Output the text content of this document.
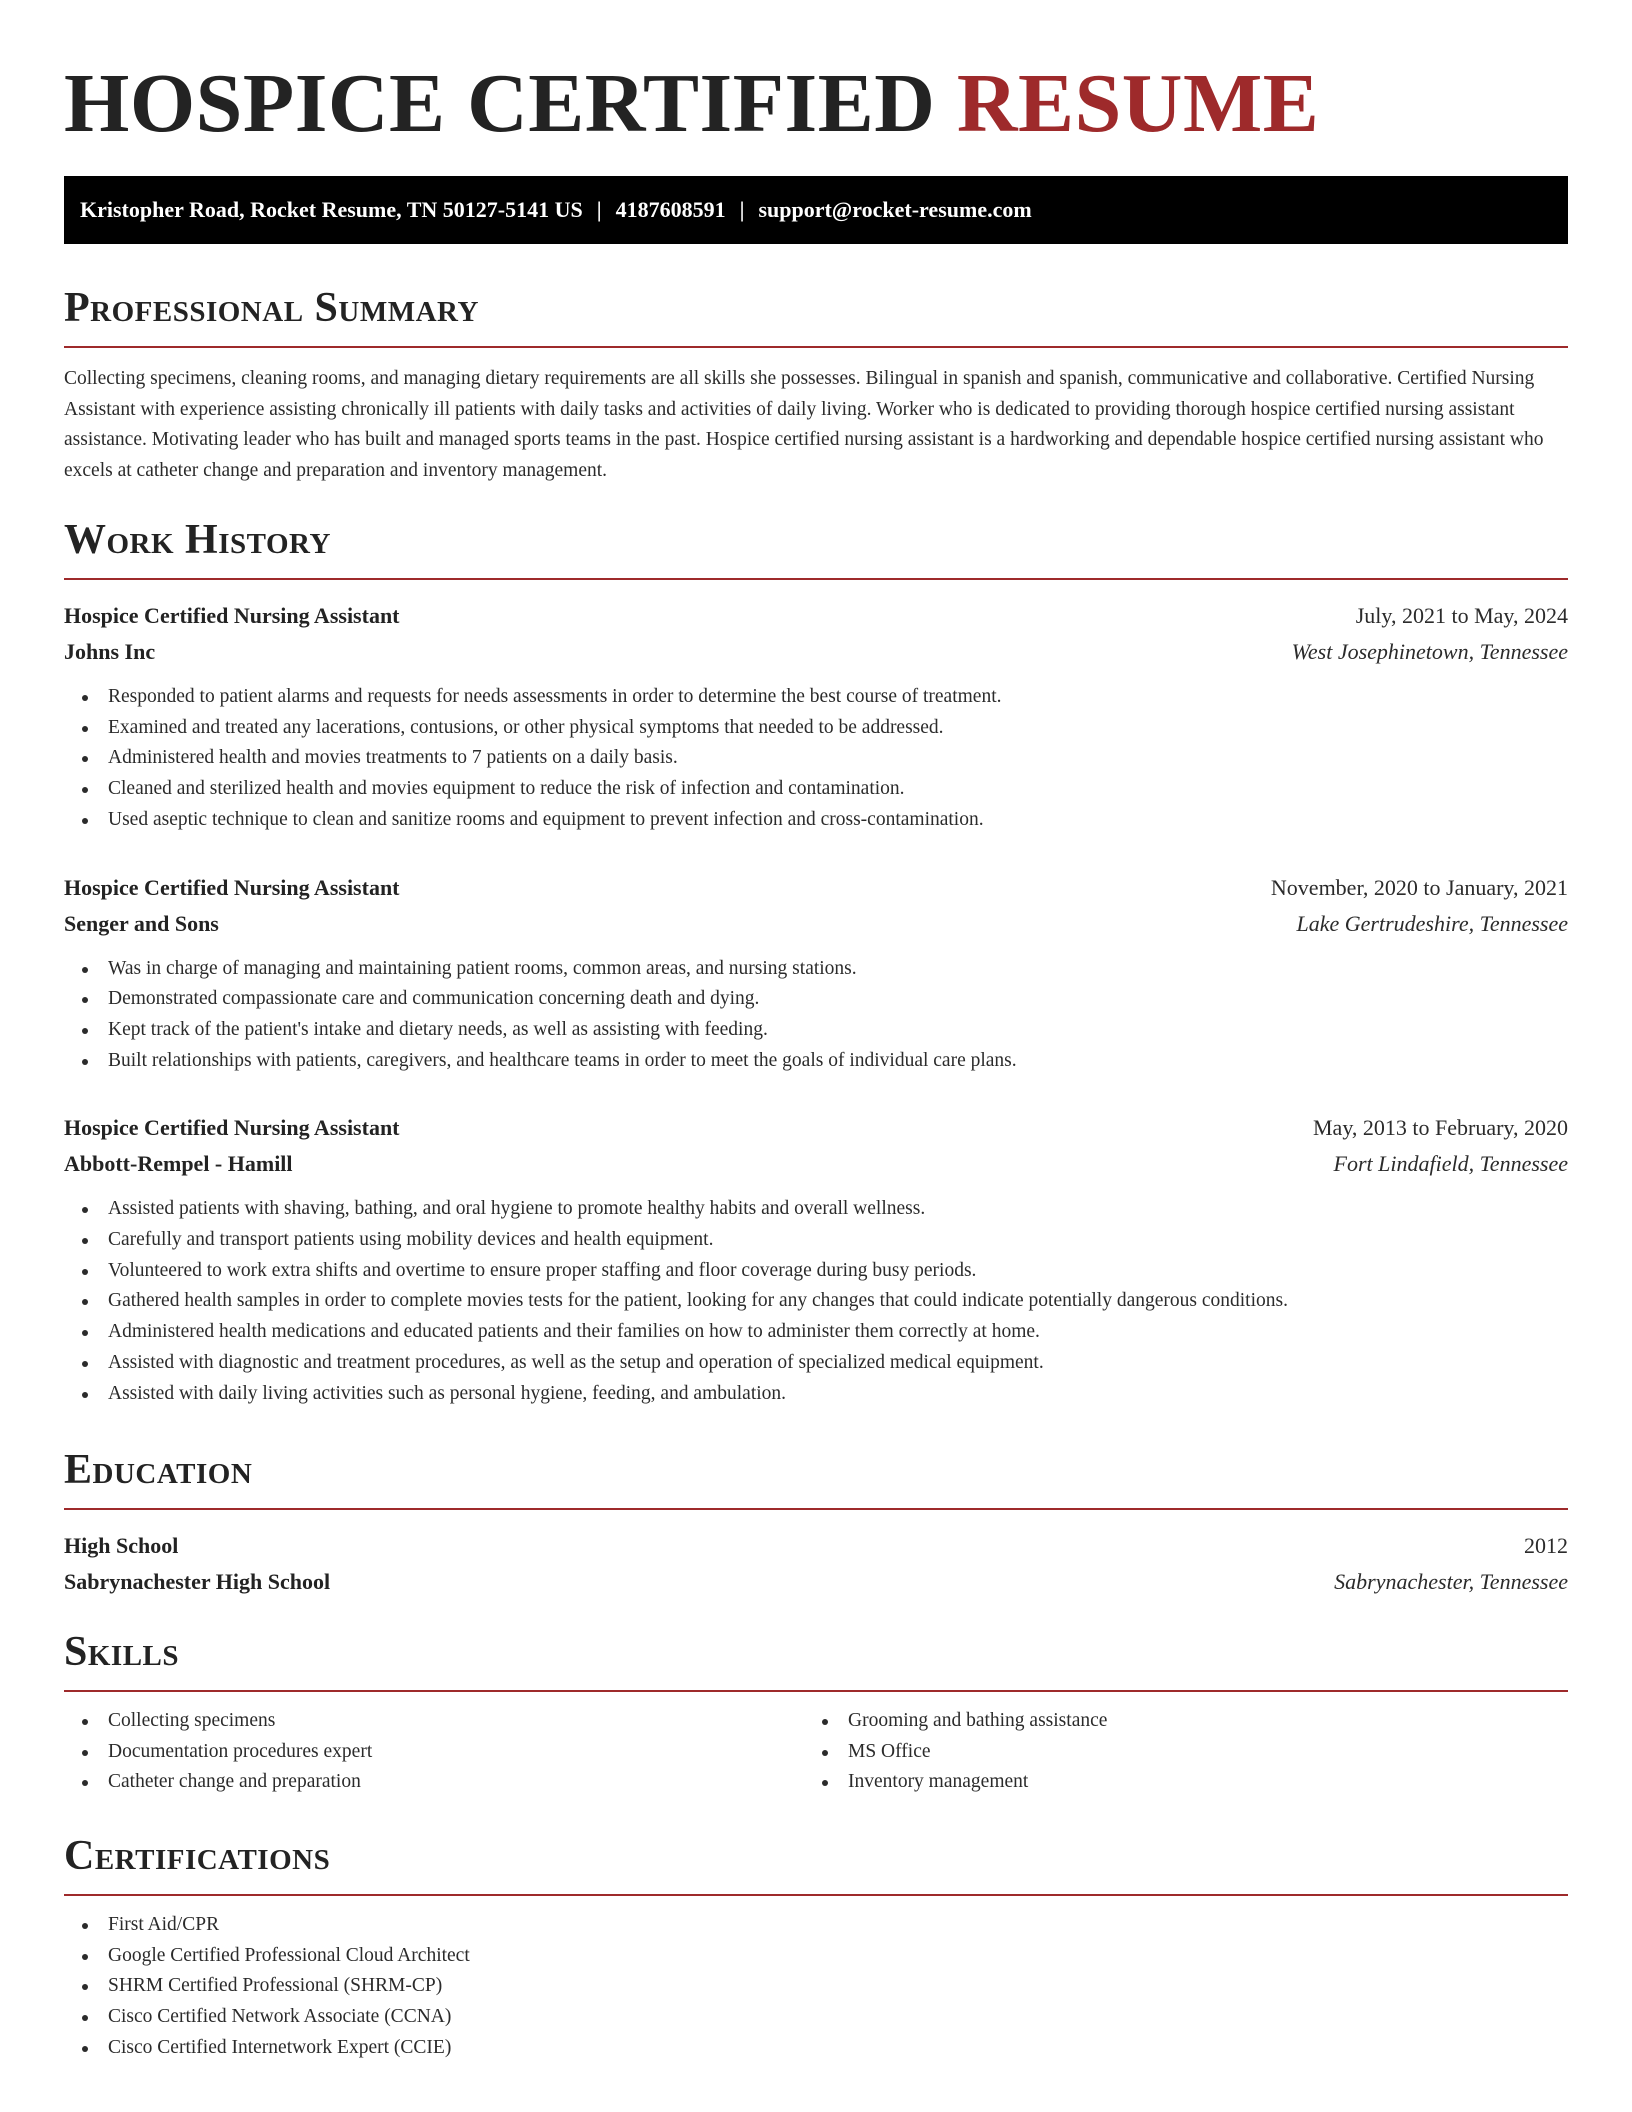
HOSPICE CERTIFIED RESUME
Kristopher Road, Rocket Resume, TN 50127-5141 US | 4187608591 | support@rocket-resume.com
Professional Summary

Collecting specimens, cleaning rooms, and managing dietary requirements are all skills she possesses. Bilingual in spanish and spanish, communicative and collaborative. Certified Nursing Assistant with experience assisting chronically ill patients with daily tasks and activities of daily living. Worker who is dedicated to providing thorough hospice certified nursing assistant assistance. Motivating leader who has built and managed sports teams in the past. Hospice certified nursing assistant is a hardworking and dependable hospice certified nursing assistant who excels at catheter change and preparation and inventory management.

Work History
Hospice Certified Nursing Assistant	July, 2021 to May, 2024
Johns Inc	West Josephinetown, Tennessee
Responded to patient alarms and requests for needs assessments in order to determine the best course of treatment.
Examined and treated any lacerations, contusions, or other physical symptoms that needed to be addressed.
Administered health and movies treatments to 7 patients on a daily basis.
Cleaned and sterilized health and movies equipment to reduce the risk of infection and contamination.
Used aseptic technique to clean and sanitize rooms and equipment to prevent infection and cross-contamination.
Hospice Certified Nursing Assistant	November, 2020 to January, 2021
Senger and Sons	Lake Gertrudeshire, Tennessee
Was in charge of managing and maintaining patient rooms, common areas, and nursing stations.
Demonstrated compassionate care and communication concerning death and dying.
Kept track of the patient's intake and dietary needs, as well as assisting with feeding.
Built relationships with patients, caregivers, and healthcare teams in order to meet the goals of individual care plans.
Hospice Certified Nursing Assistant	May, 2013 to February, 2020
Abbott-Rempel - Hamill	Fort Lindafield, Tennessee
Assisted patients with shaving, bathing, and oral hygiene to promote healthy habits and overall wellness.
Carefully and transport patients using mobility devices and health equipment.
Volunteered to work extra shifts and overtime to ensure proper staffing and floor coverage during busy periods.
Gathered health samples in order to complete movies tests for the patient, looking for any changes that could indicate potentially dangerous conditions.
Administered health medications and educated patients and their families on how to administer them correctly at home.
Assisted with diagnostic and treatment procedures, as well as the setup and operation of specialized medical equipment.
Assisted with daily living activities such as personal hygiene, feeding, and ambulation.
Education
High School	2012
Sabrynachester High School	Sabrynachester, Tennessee
Skills
Collecting specimens
Documentation procedures expert
Catheter change and preparation
Grooming and bathing assistance
MS Office
Inventory management
Certifications
First Aid/CPR
Google Certified Professional Cloud Architect
SHRM Certified Professional (SHRM-CP)
Cisco Certified Network Associate (CCNA)
Cisco Certified Internetwork Expert (CCIE)
